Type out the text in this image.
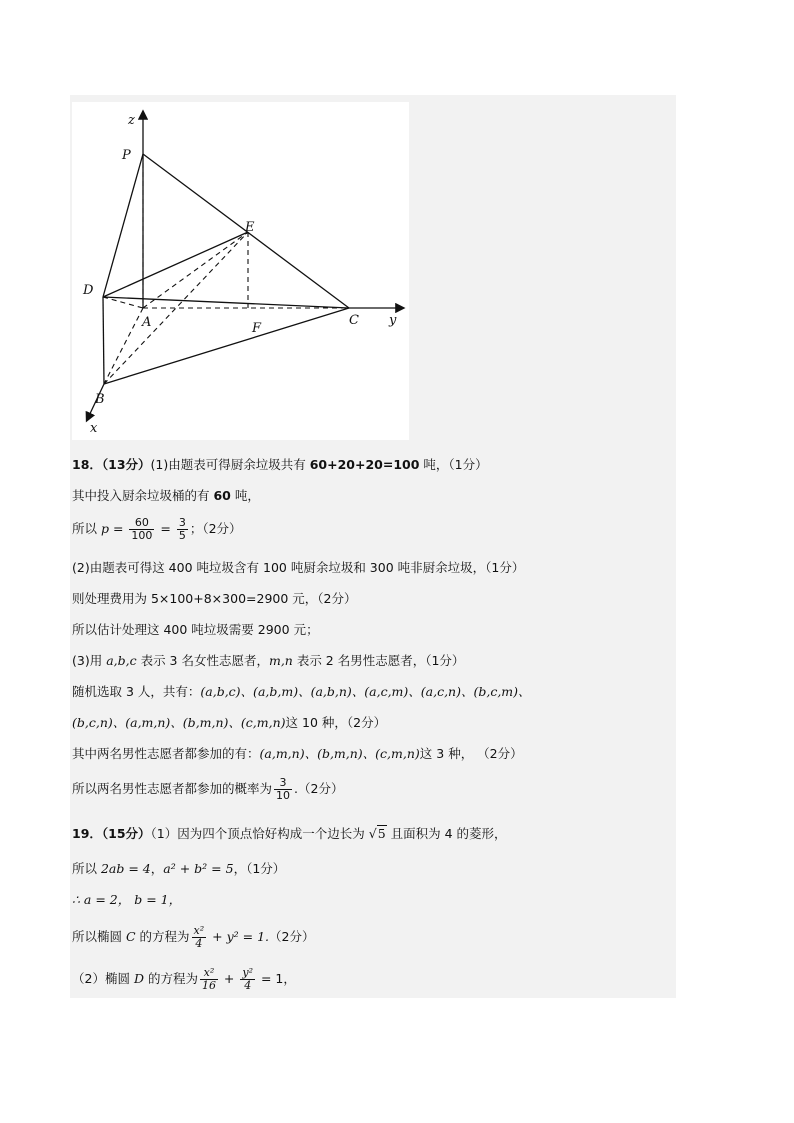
z
P
E
D
A	F
C y
B
x
18．（13分）(1)由题表可得厨余垃圾共有 60+20+20=100 吨，（1分）
其中投入厨余垃圾桶的有 60 吨，
所以 $p = \frac{60}{100} = \frac{3}{5}$ ；（2分）
(2)由题表可得这 400 吨垃圾含有 100 吨厨余垃圾和 300 吨非厨余垃圾，（1分）
则处理费用为 5×100+8×300=2900 元，（2分）
所以估计处理这 400 吨垃圾需要 2900 元；
(3)用 a,b,c 表示 3 名女性志愿者，m,n 表示 2 名男性志愿者，（1分）
随机选取 3 人，共有：(a,b,c)、(a,b,m)、(a,b,n)、(a,c,m)、(a,c,n)、(b,c,m)、
(b,c,n)、(a,m,n)、(b,m,n)、(c,m,n)这 10 种，（2分）
其中两名男性志愿者都参加的有：(a,m,n)、(b,m,n)、(c,m,n)这 3 种， （2分）
所以两名男性志愿者都参加的概率为 $\frac{3}{10} .(2$分）
19．（15分）（1）因为四个顶点恰好构成一个边长为 √5 且面积为 4 的菱形，
所以 2ab = 4，a² + b² = 5，（1分）
∴ a = 2， b = 1，
所以椭圆 C 的方程为 $\frac{\text{x²}}{4} + y^2 = 1.(2$分）
（2）椭圆 D 的方程为 $\frac{\text{x²}}{16} + \frac{\text{y²}}{4} = 1$，
